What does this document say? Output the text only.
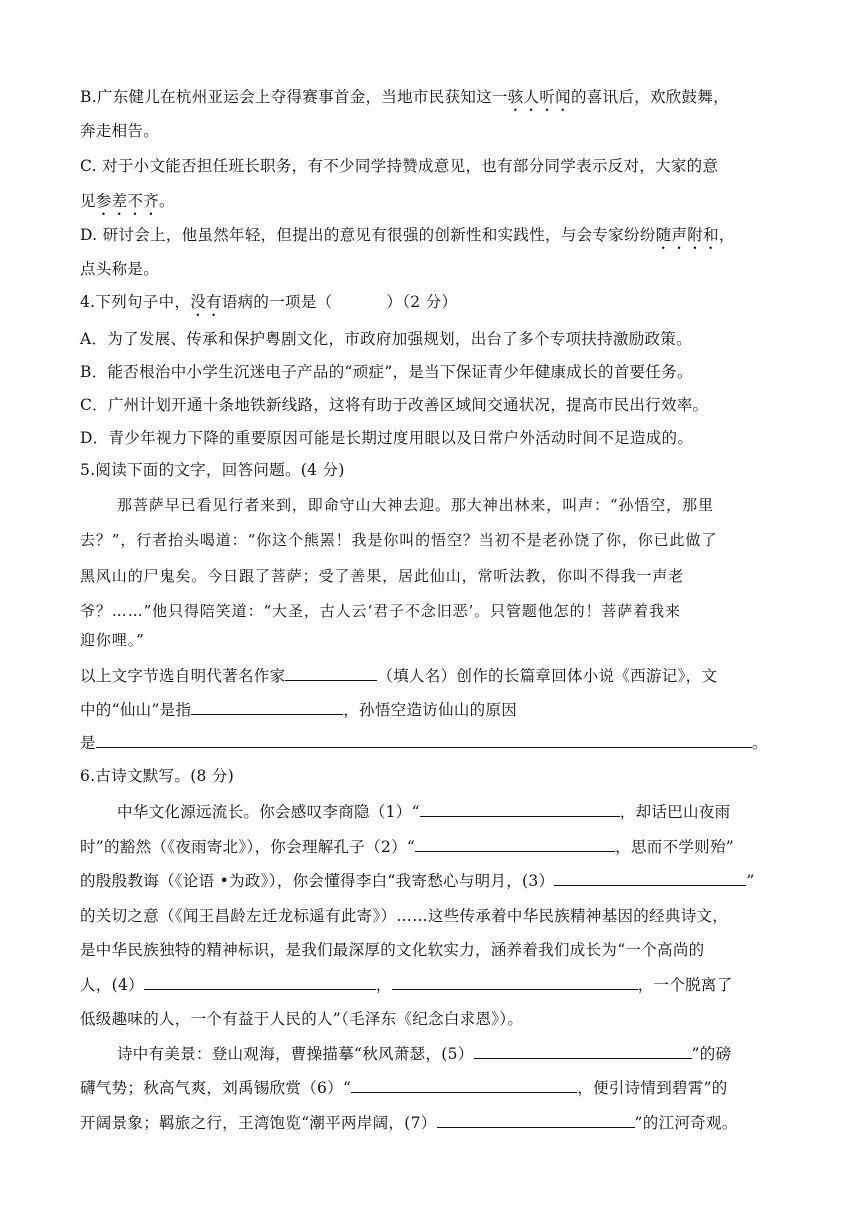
B.广东健儿在杭州亚运会上夺得赛事首金，当地市民获知这一骇人听闻的喜讯后，欢欣鼓舞，
奔走相告。
C. 对于小文能否担任班长职务，有不少同学持赞成意见，也有部分同学表示反对，大家的意
见参差不齐。
D. 研讨会上，他虽然年轻，但提出的意见有很强的创新性和实践性，与会专家纷纷随声附和，
点头称是。
4.下列句子中，没有语病的一项是（	）（2 分）
A．为了发展、传承和保护粤剧文化，市政府加强规划，出台了多个专项扶持激励政策。
B．能否根治中小学生沉迷电子产品的“顽症”，是当下保证青少年健康成长的首要任务。
C．广州计划开通十条地铁新线路，这将有助于改善区域间交通状况，提高市民出行效率。
D．青少年视力下降的重要原因可能是长期过度用眼以及日常户外活动时间不足造成的。
5.阅读下面的文字，回答问题。(4 分)
那菩萨早已看见行者来到，即命守山大神去迎。那大神出林来，叫声：“孙悟空，那里
去？”，行者抬头喝道：“你这个熊罴！我是你叫的悟空？当初不是老孙饶了你，你已此做了
黑风山的尸鬼矣。今日跟了菩萨；受了善果，居此仙山，常听法教，你叫不得我一声老
爷？……”他只得陪笑道：“大圣，古人云‘君子不念旧恶’。只管题他怎的！菩萨着我来
迎你哩。”
以上文字节选自明代著名作家	（填人名）创作的长篇章回体小说《西游记》，文
中的“仙山”是指	，孙悟空造访仙山的原因
是	。
6.古诗文默写。(8 分)
中华文化源远流长。你会感叹李商隐（1）“	，却话巴山夜雨
时”的豁然（《夜雨寄北》），你会理解孔子（2）“	，思而不学则殆”
的殷殷教诲（《论语 •为政》），你会懂得李白“我寄愁心与明月，(3）	”
的关切之意（《闻王昌龄左迁龙标遥有此寄》）……这些传承着中华民族精神基因的经典诗文，
是中华民族独特的精神标识，是我们最深厚的文化软实力，涵养着我们成长为“一个高尚的
人，(4）	，	，一个脱离了
低级趣味的人，一个有益于人民的人”（毛泽东《纪念白求恩》）。
诗中有美景：登山观海，曹操描摹“秋风萧瑟，(5）	”的磅
礴气势；秋高气爽，刘禹锡欣赏（6）“	，便引诗情到碧霄”的
开阔景象；羁旅之行，王湾饱览“潮平两岸阔，(7）	”的江河奇观。
